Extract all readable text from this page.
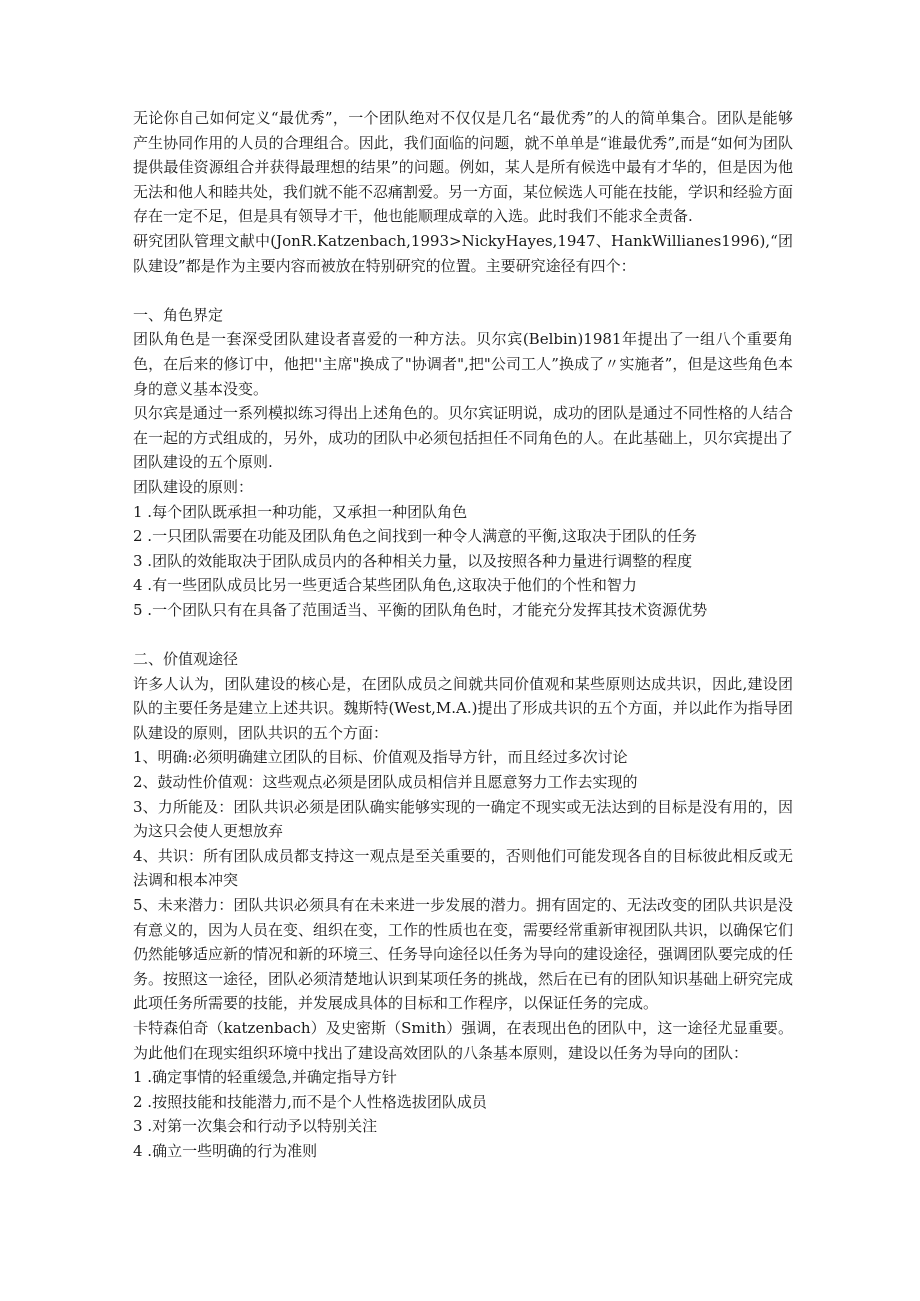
无论你自己如何定义“最优秀”，一个团队绝对不仅仅是几名“最优秀”的人的简单集合。团队是能够产生协同作用的人员的合理组合。因此，我们面临的问题，就不单单是“谁最优秀”,而是“如何为团队提供最佳资源组合并获得最理想的结果”的问题。例如，某人是所有候选中最有才华的，但是因为他无法和他人和睦共处，我们就不能不忍痛割爱。另一方面，某位候选人可能在技能，学识和经验方面存在一定不足，但是具有领导才干，他也能顺理成章的入选。此时我们不能求全责备.

研究团队管理文献中(JonR.Katzenbach,1993>NickyHayes,1947、HankWillianes1996),“团队建设”都是作为主要内容而被放在特别研究的位置。主要研究途径有四个：

一、角色界定

团队角色是一套深受团队建设者喜爱的一种方法。贝尔宾(Belbin)1981年提出了一组八个重要角色，在后来的修订中，他把''主席"换成了"协调者",把"公司工人”换成了〃实施者”，但是这些角色本身的意义基本没变。

贝尔宾是通过一系列模拟练习得出上述角色的。贝尔宾证明说，成功的团队是通过不同性格的人结合在一起的方式组成的，另外，成功的团队中必须包括担任不同角色的人。在此基础上，贝尔宾提出了团队建设的五个原则.

团队建设的原则：

1 .每个团队既承担一种功能，又承担一种团队角色

2 .一只团队需要在功能及团队角色之间找到一种令人满意的平衡,这取决于团队的任务

3 .团队的效能取决于团队成员内的各种相关力量，以及按照各种力量进行调整的程度

4 .有一些团队成员比另一些更适合某些团队角色,这取决于他们的个性和智力

5 .一个团队只有在具备了范围适当、平衡的团队角色时，才能充分发挥其技术资源优势

二、价值观途径

许多人认为，团队建设的核心是，在团队成员之间就共同价值观和某些原则达成共识，因此,建设团队的主要任务是建立上述共识。魏斯特(West,M.A.)提出了形成共识的五个方面，并以此作为指导团队建设的原则，团队共识的五个方面：

1、明确:必须明确建立团队的目标、价值观及指导方针，而且经过多次讨论

2、鼓动性价值观：这些观点必须是团队成员相信并且愿意努力工作去实现的

3、力所能及：团队共识必须是团队确实能够实现的一确定不现实或无法达到的目标是没有用的，因为这只会使人更想放弃

4、共识：所有团队成员都支持这一观点是至关重要的，否则他们可能发现各自的目标彼此相反或无法调和根本冲突

5、未来潜力：团队共识必须具有在未来进一步发展的潜力。拥有固定的、无法改变的团队共识是没有意义的，因为人员在变、组织在变，工作的性质也在变，需要经常重新审视团队共识，以确保它们仍然能够适应新的情况和新的环境三、任务导向途径以任务为导向的建设途径，强调团队要完成的任务。按照这一途径，团队必须清楚地认识到某项任务的挑战，然后在已有的团队知识基础上研究完成此项任务所需要的技能，并发展成具体的目标和工作程序，以保证任务的完成。

卡特森伯奇（katzenbach）及史密斯（Smith）强调，在表现出色的团队中，这一途径尤显重要。为此他们在现实组织环境中找出了建设高效团队的八条基本原则，建设以任务为导向的团队：

1 .确定事情的轻重缓急,并确定指导方针

2 .按照技能和技能潜力,而不是个人性格选拔团队成员

3 .对第一次集会和行动予以特别关注

4 .确立一些明确的行为准则
